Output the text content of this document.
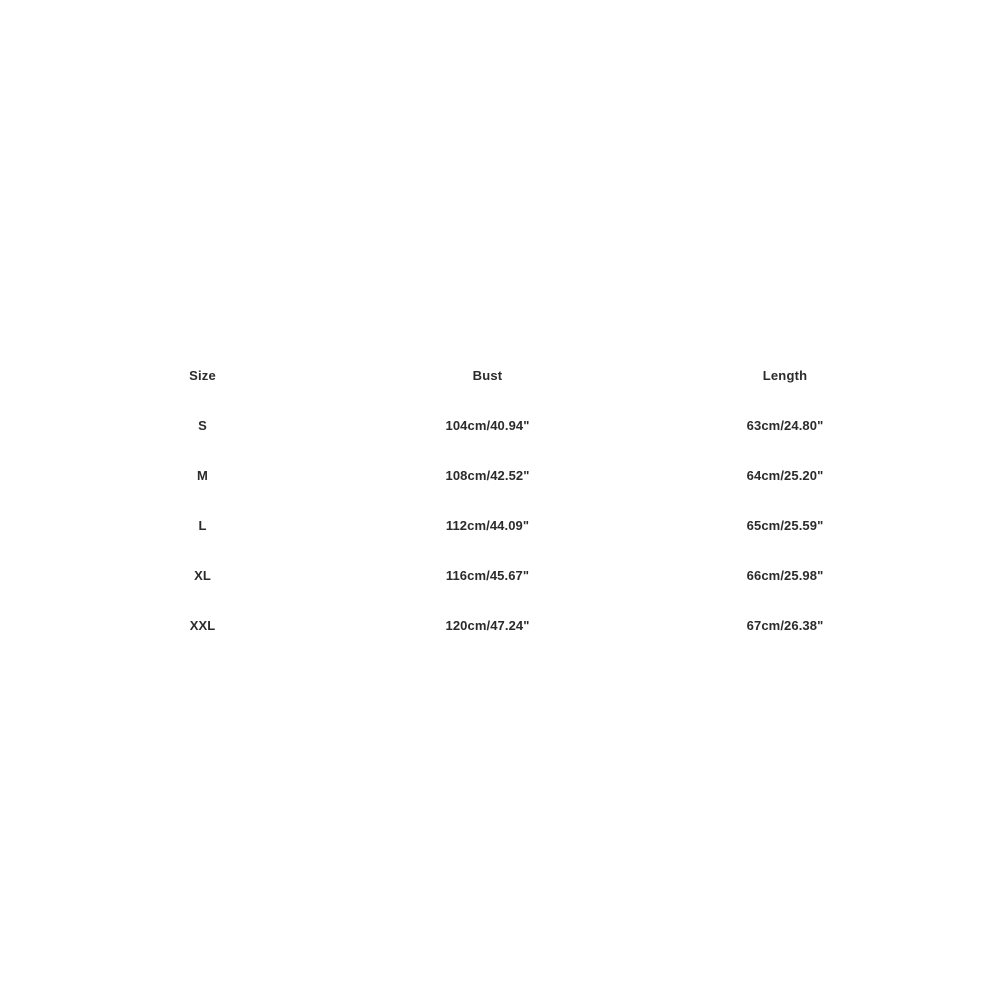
Size	Bust	Length
S	104cm/40.94"	63cm/24.80"
M	108cm/42.52"	64cm/25.20"
L	112cm/44.09"	65cm/25.59"
XL	116cm/45.67"	66cm/25.98"
XXL	120cm/47.24"	67cm/26.38"
